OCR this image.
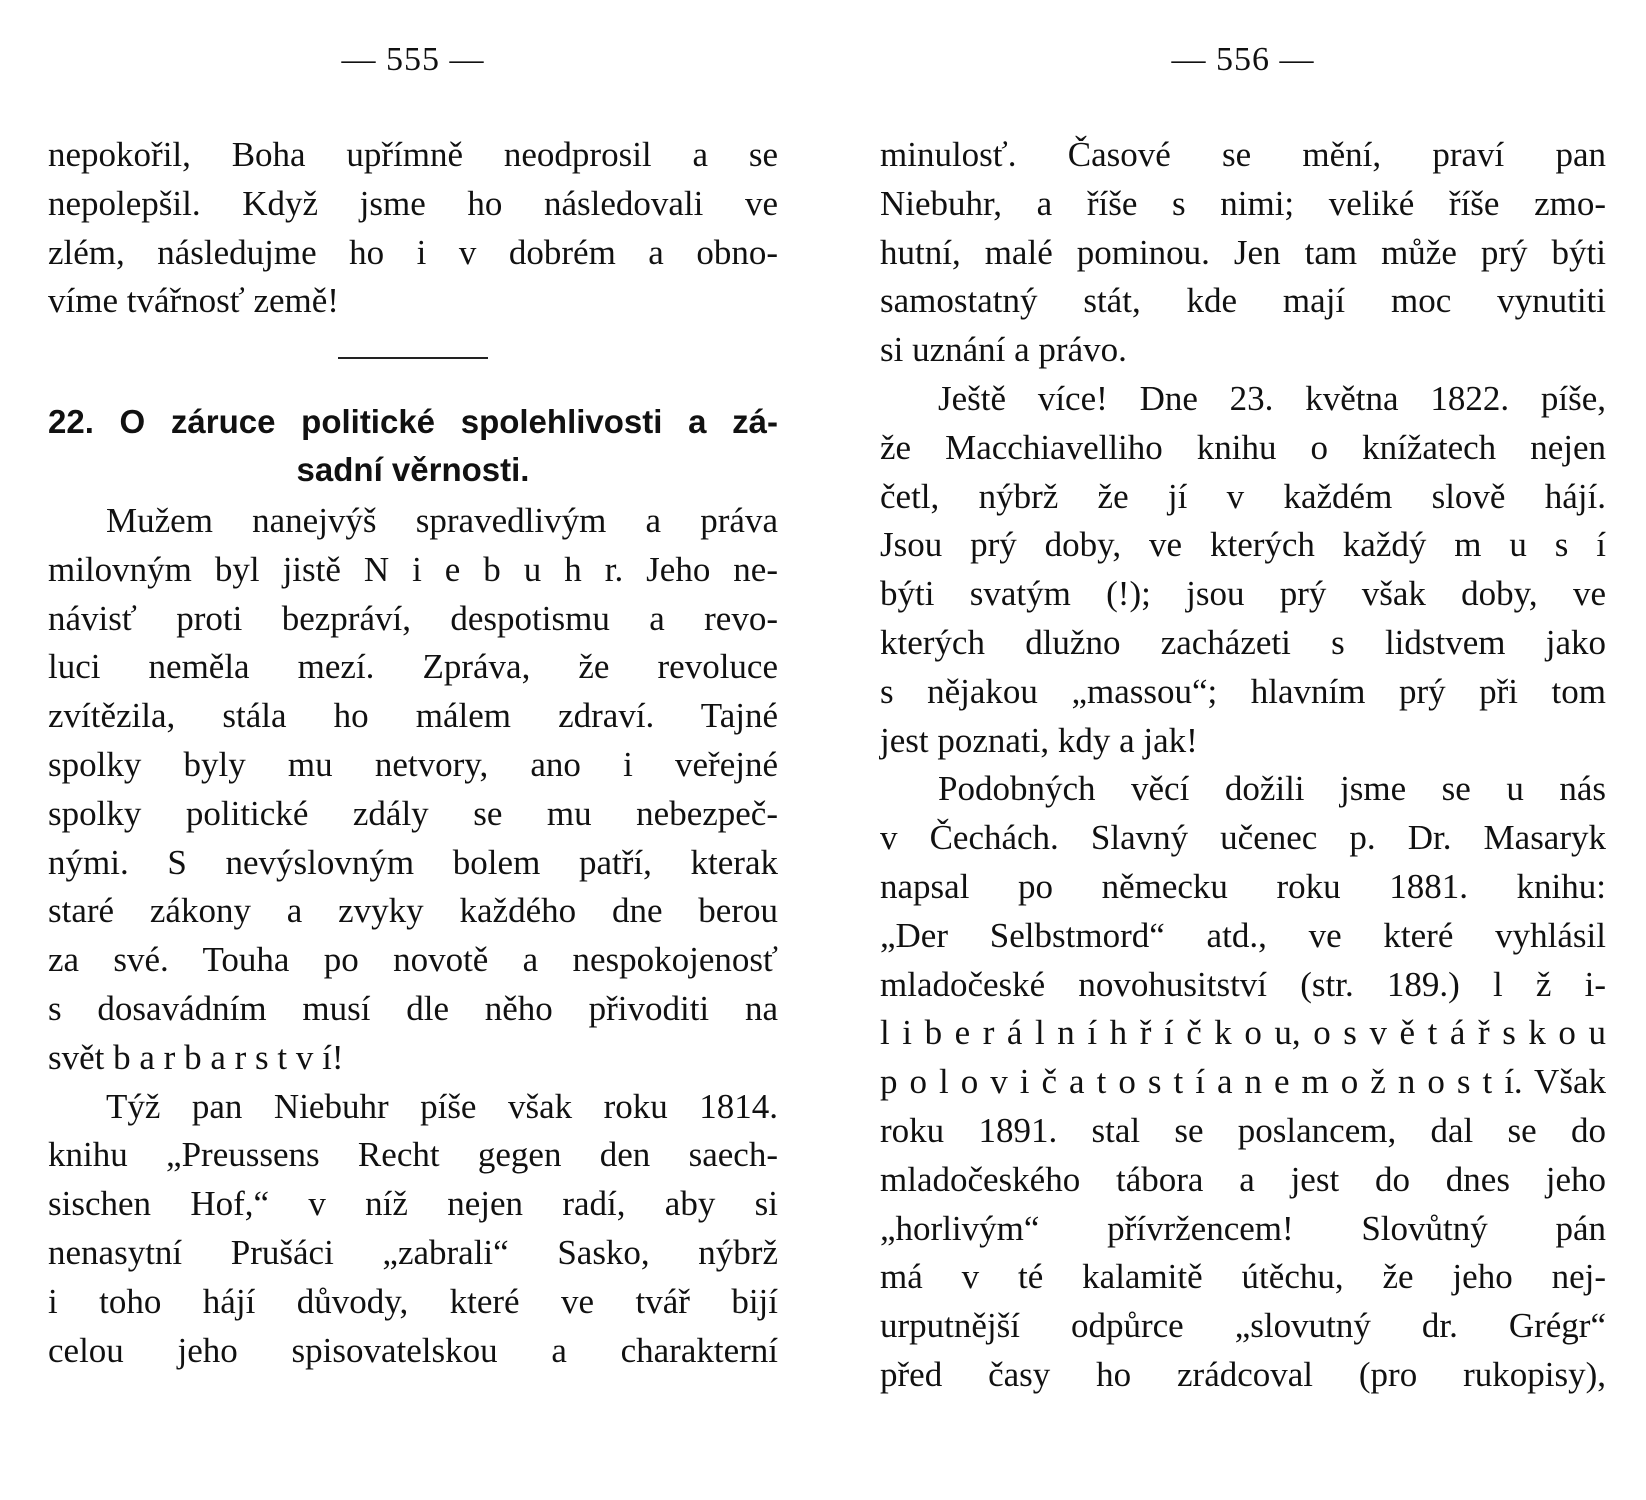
— 555 —
nepokořil, Boha upřímně neodprosil a se
nepolepšil. Když jsme ho následovali ve
zlém, následujme ho i v dobrém a obno-
víme tvářnosť země!
22. O záruce politické spolehlivosti a zá-
sadní věrnosti.
Mužem nanejvýš spravedlivým a práva
milovným byl jistě N i e b u h r. Jeho ne-
návisť proti bezpráví, despotismu a revo-
luci neměla mezí. Zpráva, že revoluce
zvítězila, stála ho málem zdraví. Tajné
spolky byly mu netvory, ano i veřejné
spolky politické zdály se mu nebezpeč-
nými. S nevýslovným bolem patří, kterak
staré zákony a zvyky každého dne berou
za své. Touha po novotě a nespokojenosť
s dosavádním musí dle něho přivoditi na
svět b a r b a r s t v í!
Týž pan Niebuhr píše však roku 1814.
knihu „Preussens Recht gegen den saech-
sischen Hof,“ v níž nejen radí, aby si
nenasytní Prušáci „zabrali“ Sasko, nýbrž
i toho hájí důvody, které ve tvář bijí
celou jeho spisovatelskou a charakterní
— 556 —
minulosť. Časové se mění, praví pan
Niebuhr, a říše s nimi; veliké říše zmo-
hutní, malé pominou. Jen tam může prý býti
samostatný stát, kde mají moc vynutiti
si uznání a právo.
Ještě více! Dne 23. května 1822. píše,
že Macchiavelliho knihu o knížatech nejen
četl, nýbrž že jí v každém slově hájí.
Jsou prý doby, ve kterých každý m u s í
býti svatým (!); jsou prý však doby, ve
kterých dlužno zacházeti s lidstvem jako
s nějakou „massou“; hlavním prý při tom
jest poznati, kdy a jak!
Podobných věcí dožili jsme se u nás
v Čechách. Slavný učenec p. Dr. Masaryk
napsal po německu roku 1881. knihu:
„Der Selbstmord“ atd., ve které vyhlásil
mladočeské novohusitství (str. 189.) l ž i-
l i b e r á l n í h ř í č k o u, o s v ě t á ř s k o u
p o l o v i č a t o s t í a n e m o ž n o s t í. Však
roku 1891. stal se poslancem, dal se do
mladočeského tábora a jest do dnes jeho
„horlivým“ přívržencem! Slovůtný pán
má v té kalamitě útěchu, že jeho nej-
urputnější odpůrce „slovutný dr. Grégr“
před časy ho zrádcoval (pro rukopisy),
